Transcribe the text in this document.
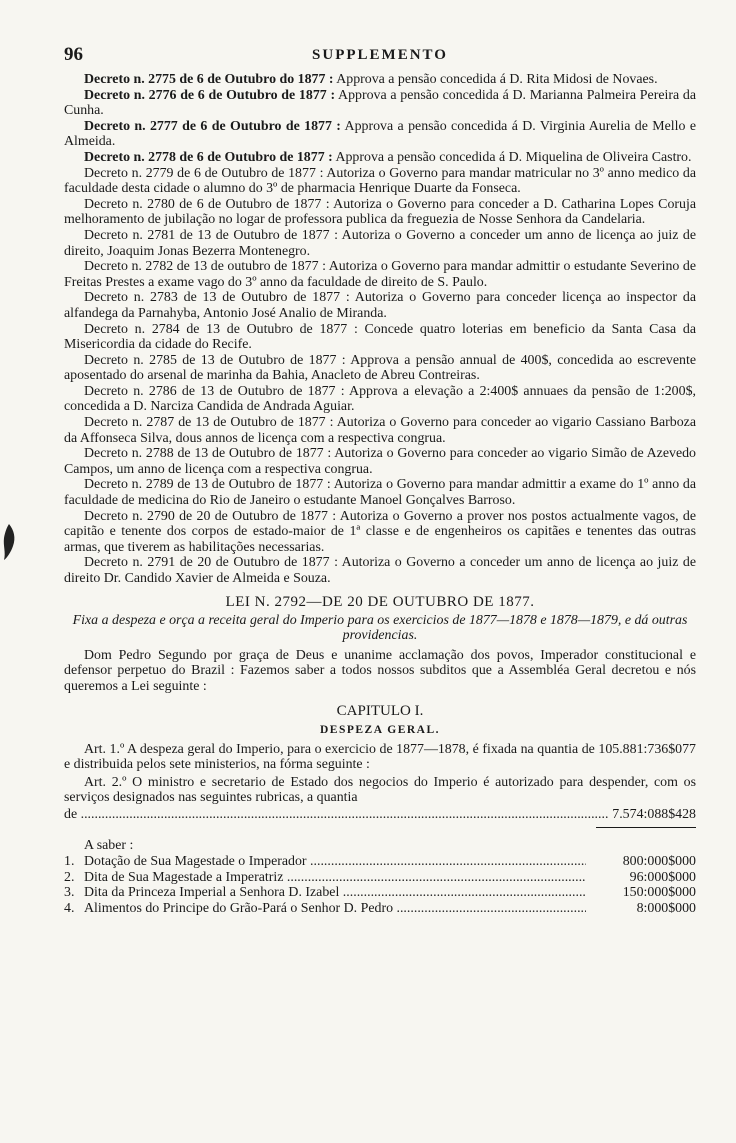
96	SUPPLEMENTO

Decreto n. 2775 de 6 de Outubro do 1877 : Approva a pensão concedida á D. Rita Midosi de Novaes.

Decreto n. 2776 de 6 de Outubro de 1877 : Approva a pensão concedida á D. Marianna Palmeira Pereira da Cunha.

Decreto n. 2777 de 6 de Outubro de 1877 : Approva a pensão concedida á D. Virginia Aurelia de Mello e Almeida.

Decreto n. 2778 de 6 de Outubro de 1877 : Approva a pensão concedida á D. Miquelina de Oliveira Castro.

Decreto n. 2779 de 6 de Outubro de 1877 : Autoriza o Governo para mandar matricular no 3º anno medico da faculdade desta cidade o alumno do 3º de pharmacia Henrique Duarte da Fonseca.

Decreto n. 2780 de 6 de Outubro de 1877 : Autoriza o Governo para conceder a D. Catharina Lopes Coruja melhoramento de jubilação no logar de professora publica da freguezia de Nosse Senhora da Candelaria.

Decreto n. 2781 de 13 de Outubro de 1877 : Autoriza o Governo a conceder um anno de licença ao juiz de direito, Joaquim Jonas Bezerra Montenegro.

Decreto n. 2782 de 13 de outubro de 1877 : Autoriza o Governo para mandar admittir o estudante Severino de Freitas Prestes a exame vago do 3º anno da faculdade de direito de S. Paulo.

Decreto n. 2783 de 13 de Outubro de 1877 : Autoriza o Governo para conceder licença ao inspector da alfandega da Parnahyba, Antonio José Analio de Miranda.

Decreto n. 2784 de 13 de Outubro de 1877 : Concede quatro loterias em beneficio da Santa Casa da Misericordia da cidade do Recife.

Decreto n. 2785 de 13 de Outubro de 1877 : Approva a pensão annual de 400$, concedida ao escrevente aposentado do arsenal de marinha da Bahia, Anacleto de Abreu Contreiras.

Decreto n. 2786 de 13 de Outubro de 1877 : Approva a elevação a 2:400$ annuaes da pensão de 1:200$, concedida a D. Narciza Candida de Andrada Aguiar.

Decreto n. 2787 de 13 de Outubro de 1877 : Autoriza o Governo para conceder ao vigario Cassiano Barboza da Affonseca Silva, dous annos de licença com a respectiva congrua.

Decreto n. 2788 de 13 de Outubro de 1877 : Autoriza o Governo para conceder ao vigario Simão de Azevedo Campos, um anno de licença com a respectiva congrua.

Decreto n. 2789 de 13 de Outubro de 1877 : Autoriza o Governo para mandar admittir a exame do 1º anno da faculdade de medicina do Rio de Janeiro o estudante Manoel Gonçalves Barroso.

Decreto n. 2790 de 20 de Outubro de 1877 : Autoriza o Governo a prover nos postos actualmente vagos, de capitão e tenente dos corpos de estado-maior de 1ª classe e de engenheiros os capitães e tenentes das outras armas, que tiverem as habilitações necessarias.

Decreto n. 2791 de 20 de Outubro de 1877 : Autoriza o Governo a conceder um anno de licença ao juiz de direito Dr. Candido Xavier de Almeida e Souza.

LEI N. 2792—DE 20 DE OUTUBRO DE 1877.
Fixa a despeza e orça a receita geral do Imperio para os exercicios de 1877—1878 e 1878—1879, e dá outras providencias.

Dom Pedro Segundo por graça de Deus e unanime acclamação dos povos, Imperador constitucional e defensor perpetuo do Brazil : Fazemos saber a todos nossos subditos que a Assembléa Geral decretou e nós queremos a Lei seguinte :

CAPITULO I.
DESPEZA GERAL.

Art. 1.º A despeza geral do Imperio, para o exercicio de 1877—1878, é fixada na quantia de 105.881:736$077 e distribuida pelos sete ministerios, na fórma seguinte :

Art. 2.º O ministro e secretario de Estado dos negocios do Imperio é autorizado para despender, com os serviços designados nas seguintes rubricas, a quantia

de .....	7.574:088$428
A saber :
1. Dotação de Sua Magestade o Imperador .....	800:000$000
2. Dita de Sua Magestade a Imperatriz .....	96:000$000
3. Dita da Princeza Imperial a Senhora D. Izabel .....	150:000$000
4. Alimentos do Principe do Grão-Pará o Senhor D. Pedro .....	8:000$000
